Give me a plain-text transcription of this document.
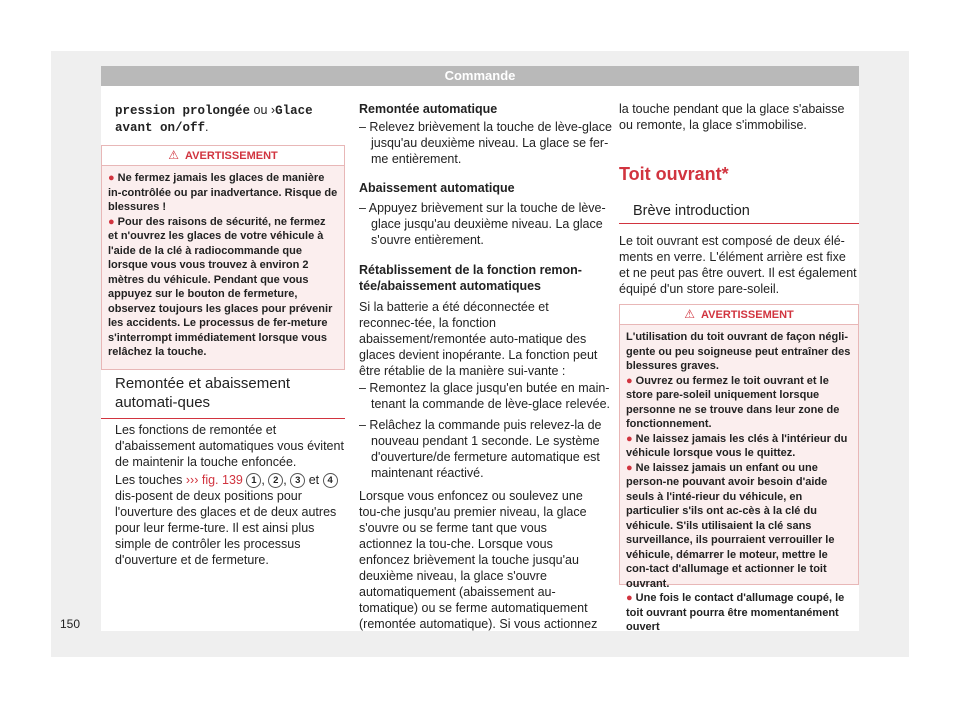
Commande

pression prolongée ou ›Glace
avant on/off.

⚠ AVERTISSEMENT

● Ne fermez jamais les glaces de manière in-contrôlée ou par inadvertance. Risque de blessures !

● Pour des raisons de sécurité, ne fermez et n'ouvrez les glaces de votre véhicule à l'aide de la clé à radiocommande que lorsque vous vous trouvez à environ 2 mètres du véhicule. Pendant que vous appuyez sur le bouton de fermeture, observez toujours les glaces pour prévenir les accidents. Le processus de fer-meture s'interrompt immédiatement lorsque vous relâchez la touche.

Remontée et abaissement automati-ques

Les fonctions de remontée et d'abaissement automatiques vous évitent de maintenir la touche enfoncée.

Les touches ››› fig. 139 1 , 2 , 3 et 4 dis-posent de deux positions pour l'ouverture des glaces et de deux autres pour leur ferme-ture. Il est ainsi plus simple de contrôler les processus d'ouverture et de fermeture.

Remontée automatique

– Relevez brièvement la touche de lève-glace jusqu'au deuxième niveau. La glace se fer-me entièrement.

Abaissement automatique

– Appuyez brièvement sur la touche de lève-glace jusqu'au deuxième niveau. La glace s'ouvre entièrement.

Rétablissement de la fonction remon-tée/abaissement automatiques

Si la batterie a été déconnectée et reconnec-tée, la fonction abaissement/remontée auto-matique des glaces devient inopérante. La fonction peut être rétablie de la manière sui-vante :

– Remontez la glace jusqu'en butée en main-tenant la commande de lève-glace relevée.

– Relâchez la commande puis relevez-la de nouveau pendant 1 seconde. Le système d'ouverture/de fermeture automatique est maintenant réactivé.

Lorsque vous enfoncez ou soulevez une tou-che jusqu'au premier niveau, la glace s'ouvre ou se ferme tant que vous actionnez la tou-che. Lorsque vous enfoncez brièvement la touche jusqu'au deuxième niveau, la glace s'ouvre automatiquement (abaissement au-tomatique) ou se ferme automatiquement (remontée automatique). Si vous actionnez

la touche pendant que la glace s'abaisse ou remonte, la glace s'immobilise.

Toit ouvrant*
Brève introduction

Le toit ouvrant est composé de deux élé-ments en verre. L'élément arrière est fixe et ne peut pas être ouvert. Il est également équipé d'un store pare-soleil.

⚠ AVERTISSEMENT

L'utilisation du toit ouvrant de façon négli-gente ou peu soigneuse peut entraîner des blessures graves.

● Ouvrez ou fermez le toit ouvrant et le store pare-soleil uniquement lorsque personne ne se trouve dans leur zone de fonctionnement.

● Ne laissez jamais les clés à l'intérieur du véhicule lorsque vous le quittez.

● Ne laissez jamais un enfant ou une person-ne pouvant avoir besoin d'aide seuls à l'inté-rieur du véhicule, en particulier s'ils ont ac-cès à la clé du véhicule. S'ils utilisaient la clé sans surveillance, ils pourraient verrouiller le véhicule, démarrer le moteur, mettre le con-tact d'allumage et actionner le toit ouvrant.

● Une fois le contact d'allumage coupé, le toit ouvrant pourra être momentanément ouvert

150
